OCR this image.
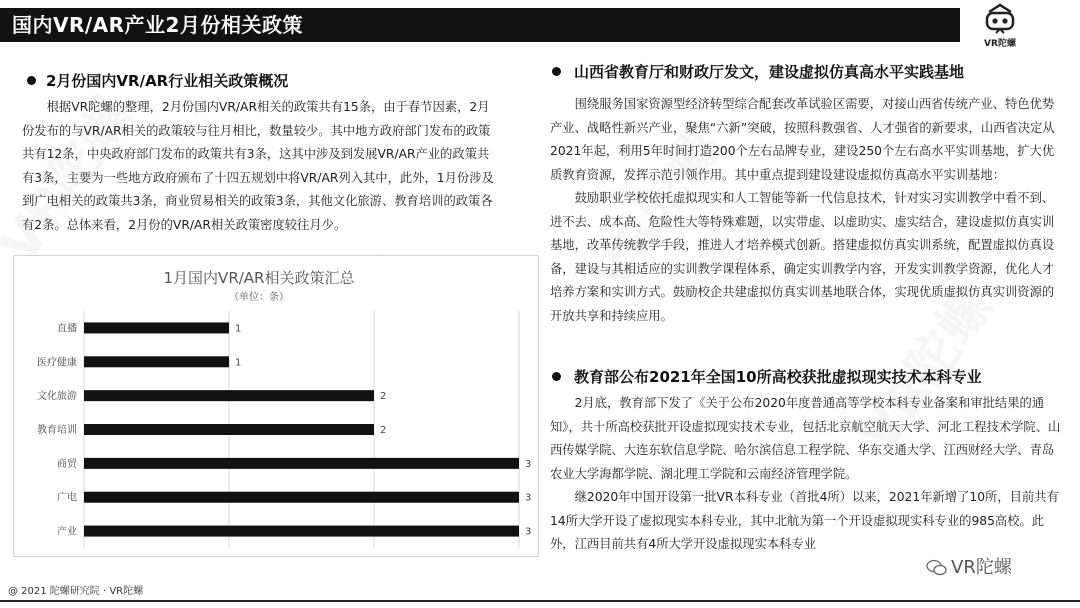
国内VR/AR产业2月份相关政策
VR陀螺
2月份国内VR/AR行业相关政策概况

根据VR陀螺的整理，2月份国内VR/AR相关的政策共有15条，由于春节因素，2月份发布的与VR/AR相关的政策较与往月相比，数量较少。其中地方政府部门发布的政策共有12条，中央政府部门发布的政策共有3条，这其中涉及到发展VR/AR产业的政策共有3条，主要为一些地方政府颁布了十四五规划中将VR/AR列入其中，此外，1月份涉及到广电相关的政策共3条，商业贸易相关的政策3条，其他文化旅游、教育培训的政策各有2条。总体来看，2月份的VR/AR相关政策密度较往月少。

1月国内VR/AR相关政策汇总
（单位：条）
直播	1
医疗健康	1
文化旅游	2
教育培训	2
商贸	3
广电	3
产业	3
山西省教育厅和财政厅发文，建设虚拟仿真高水平实践基地

围绕服务国家资源型经济转型综合配套改革试验区需要，对接山西省传统产业、特色优势产业、战略性新兴产业，聚焦“六新”突破，按照科教强省、人才强省的新要求，山西省决定从2021年起，利用5年时间打造200个左右品牌专业，建设250个左右高水平实训基地，扩大优质教育资源，发挥示范引领作用。其中重点提到建设建设虚拟仿真高水平实训基地：

鼓励职业学校依托虚拟现实和人工智能等新一代信息技术，针对实习实训教学中看不到、进不去、成本高、危险性大等特殊难题，以实带虚、以虚助实、虚实结合，建设虚拟仿真实训基地，改革传统教学手段，推进人才培养模式创新。搭建虚拟仿真实训系统，配置虚拟仿真设备，建设与其相适应的实训教学课程体系，确定实训教学内容，开发实训教学资源，优化人才培养方案和实训方式。鼓励校企共建虚拟仿真实训基地联合体，实现优质虚拟仿真实训资源的开放共享和持续应用。

教育部公布2021年全国10所高校获批虚拟现实技术本科专业

2月底，教育部下发了《关于公布2020年度普通高等学校本科专业备案和审批结果的通知》，共十所高校获批开设虚拟现实技术专业，包括北京航空航天大学、河北工程技术学院、山西传媒学院、大连东软信息学院、哈尔滨信息工程学院、华东交通大学、江西财经大学、青岛农业大学海都学院、湖北理工学院和云南经济管理学院。

继2020年中国开设第一批VR本科专业（首批4所）以来，2021年新增了10所，目前共有14所大学开设了虚拟现实本科专业，其中北航为第一个开设虚拟现实科专业的985高校。此外，江西目前共有4所大学开设虚拟现实本科专业

VR陀螺
@ 2021 陀螺研究院 · VR陀螺
